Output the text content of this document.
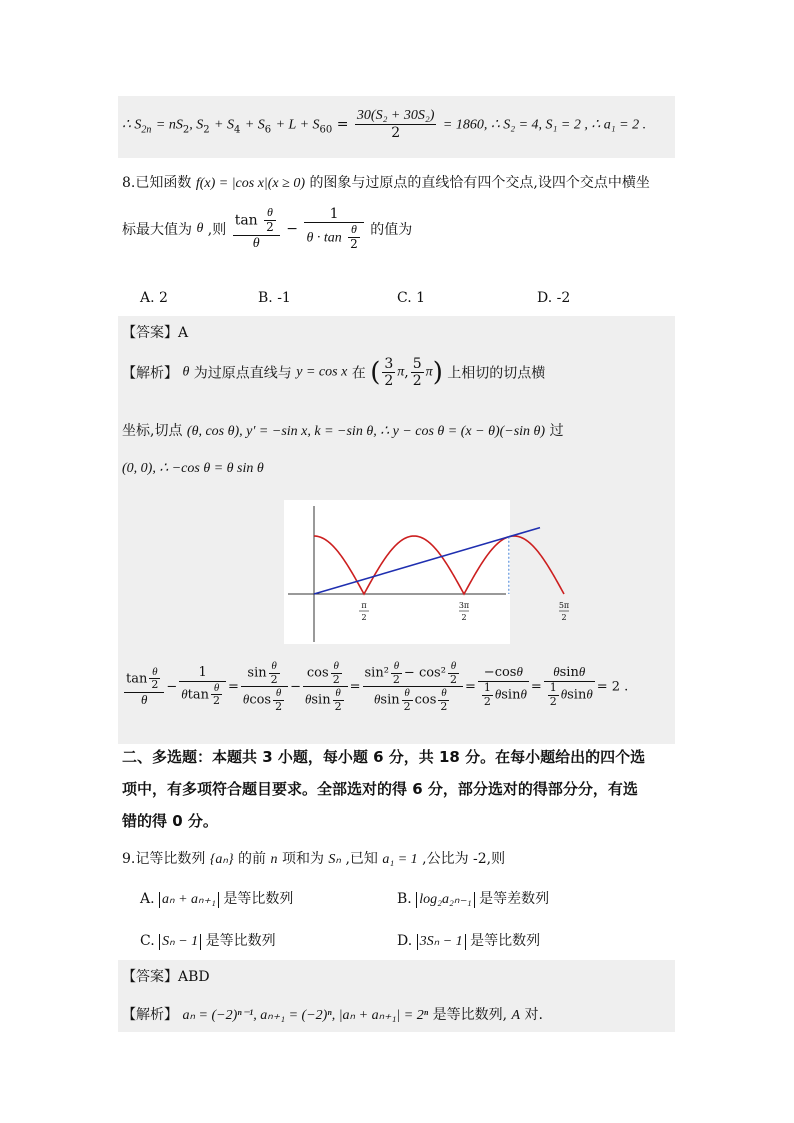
∴ $S_{2n} = nS_2$, $S_2 + S_4 + S_6 + L + S_{60} = \frac{\text{30(S₂ + 30S₂)}}{2} = 1860$, ∴ S₂ = 4, S₁ = 2 , ∴ a₁ = 2 .
8.已知函数 f(x) = |cos x|(x ≥ 0) 的图象与过原点的直线恰有四个交点,设四个交点中横坐
标最大值为 θ ,则 $\frac{\tan \frac{\theta}{2}}{\theta} - \frac{1}{\theta \cdot \tan \frac{\theta}{2}}$ 的值为
A. 2	B. -1	C. 1	D. -2
【答案】A
【解析】 θ 为过原点直线与 y = cos x 在 ( $\frac{3}{2} \pi$, $\frac{5}{2} \pi$) 上相切的切点横
坐标,切点 (θ, cos θ), y′ = −sin x, k = −sin θ, ∴ y − cos θ = (x − θ)(−sin θ) 过
(0, 0), ∴ −cos θ = θ sin θ
π
2
3π
2
5π
2
$\frac{\tan \frac{\theta}{2}}{\theta} - \frac{1}{\theta\tan \frac{\theta}{2}} = \frac{\sin \frac{\theta}{2}}{\theta\cos \frac{\theta}{2}} - \frac{\cos \frac{\theta}{2}}{\theta\sin \frac{\theta}{2}} = \frac{\sin^2 \frac{\theta}{2} - \cos^2 \frac{\theta}{2}}{\theta\sin \frac{\theta}{2} \cos \frac{\theta}{2}} = \frac{-\cos\theta}{\frac{1}{2} \theta\sin\theta} = \frac{\theta\sin\theta}{\frac{1}{2} \theta\sin\theta} = 2$ .
二、多选题：本题共 3 小题，每小题 6 分，共 18 分。在每小题给出的四个选
项中，有多项符合题目要求。全部选对的得 6 分，部分选对的得部分分，有选
错的得 0 分。
9.记等比数列 {aₙ} 的前 n 项和为 Sₙ ,已知 a₁ = 1 ,公比为 -2,则
A. aₙ + aₙ₊₁ 是等比数列	B. log₂a₂ₙ₋₁ 是等差数列
C. Sₙ − 1 是等比数列	D. 3Sₙ − 1 是等比数列
【答案】ABD
【解析】 aₙ = (−2)ⁿ⁻¹, aₙ₊₁ = (−2)ⁿ, |aₙ + aₙ₊₁| = 2ⁿ 是等比数列, A 对.
